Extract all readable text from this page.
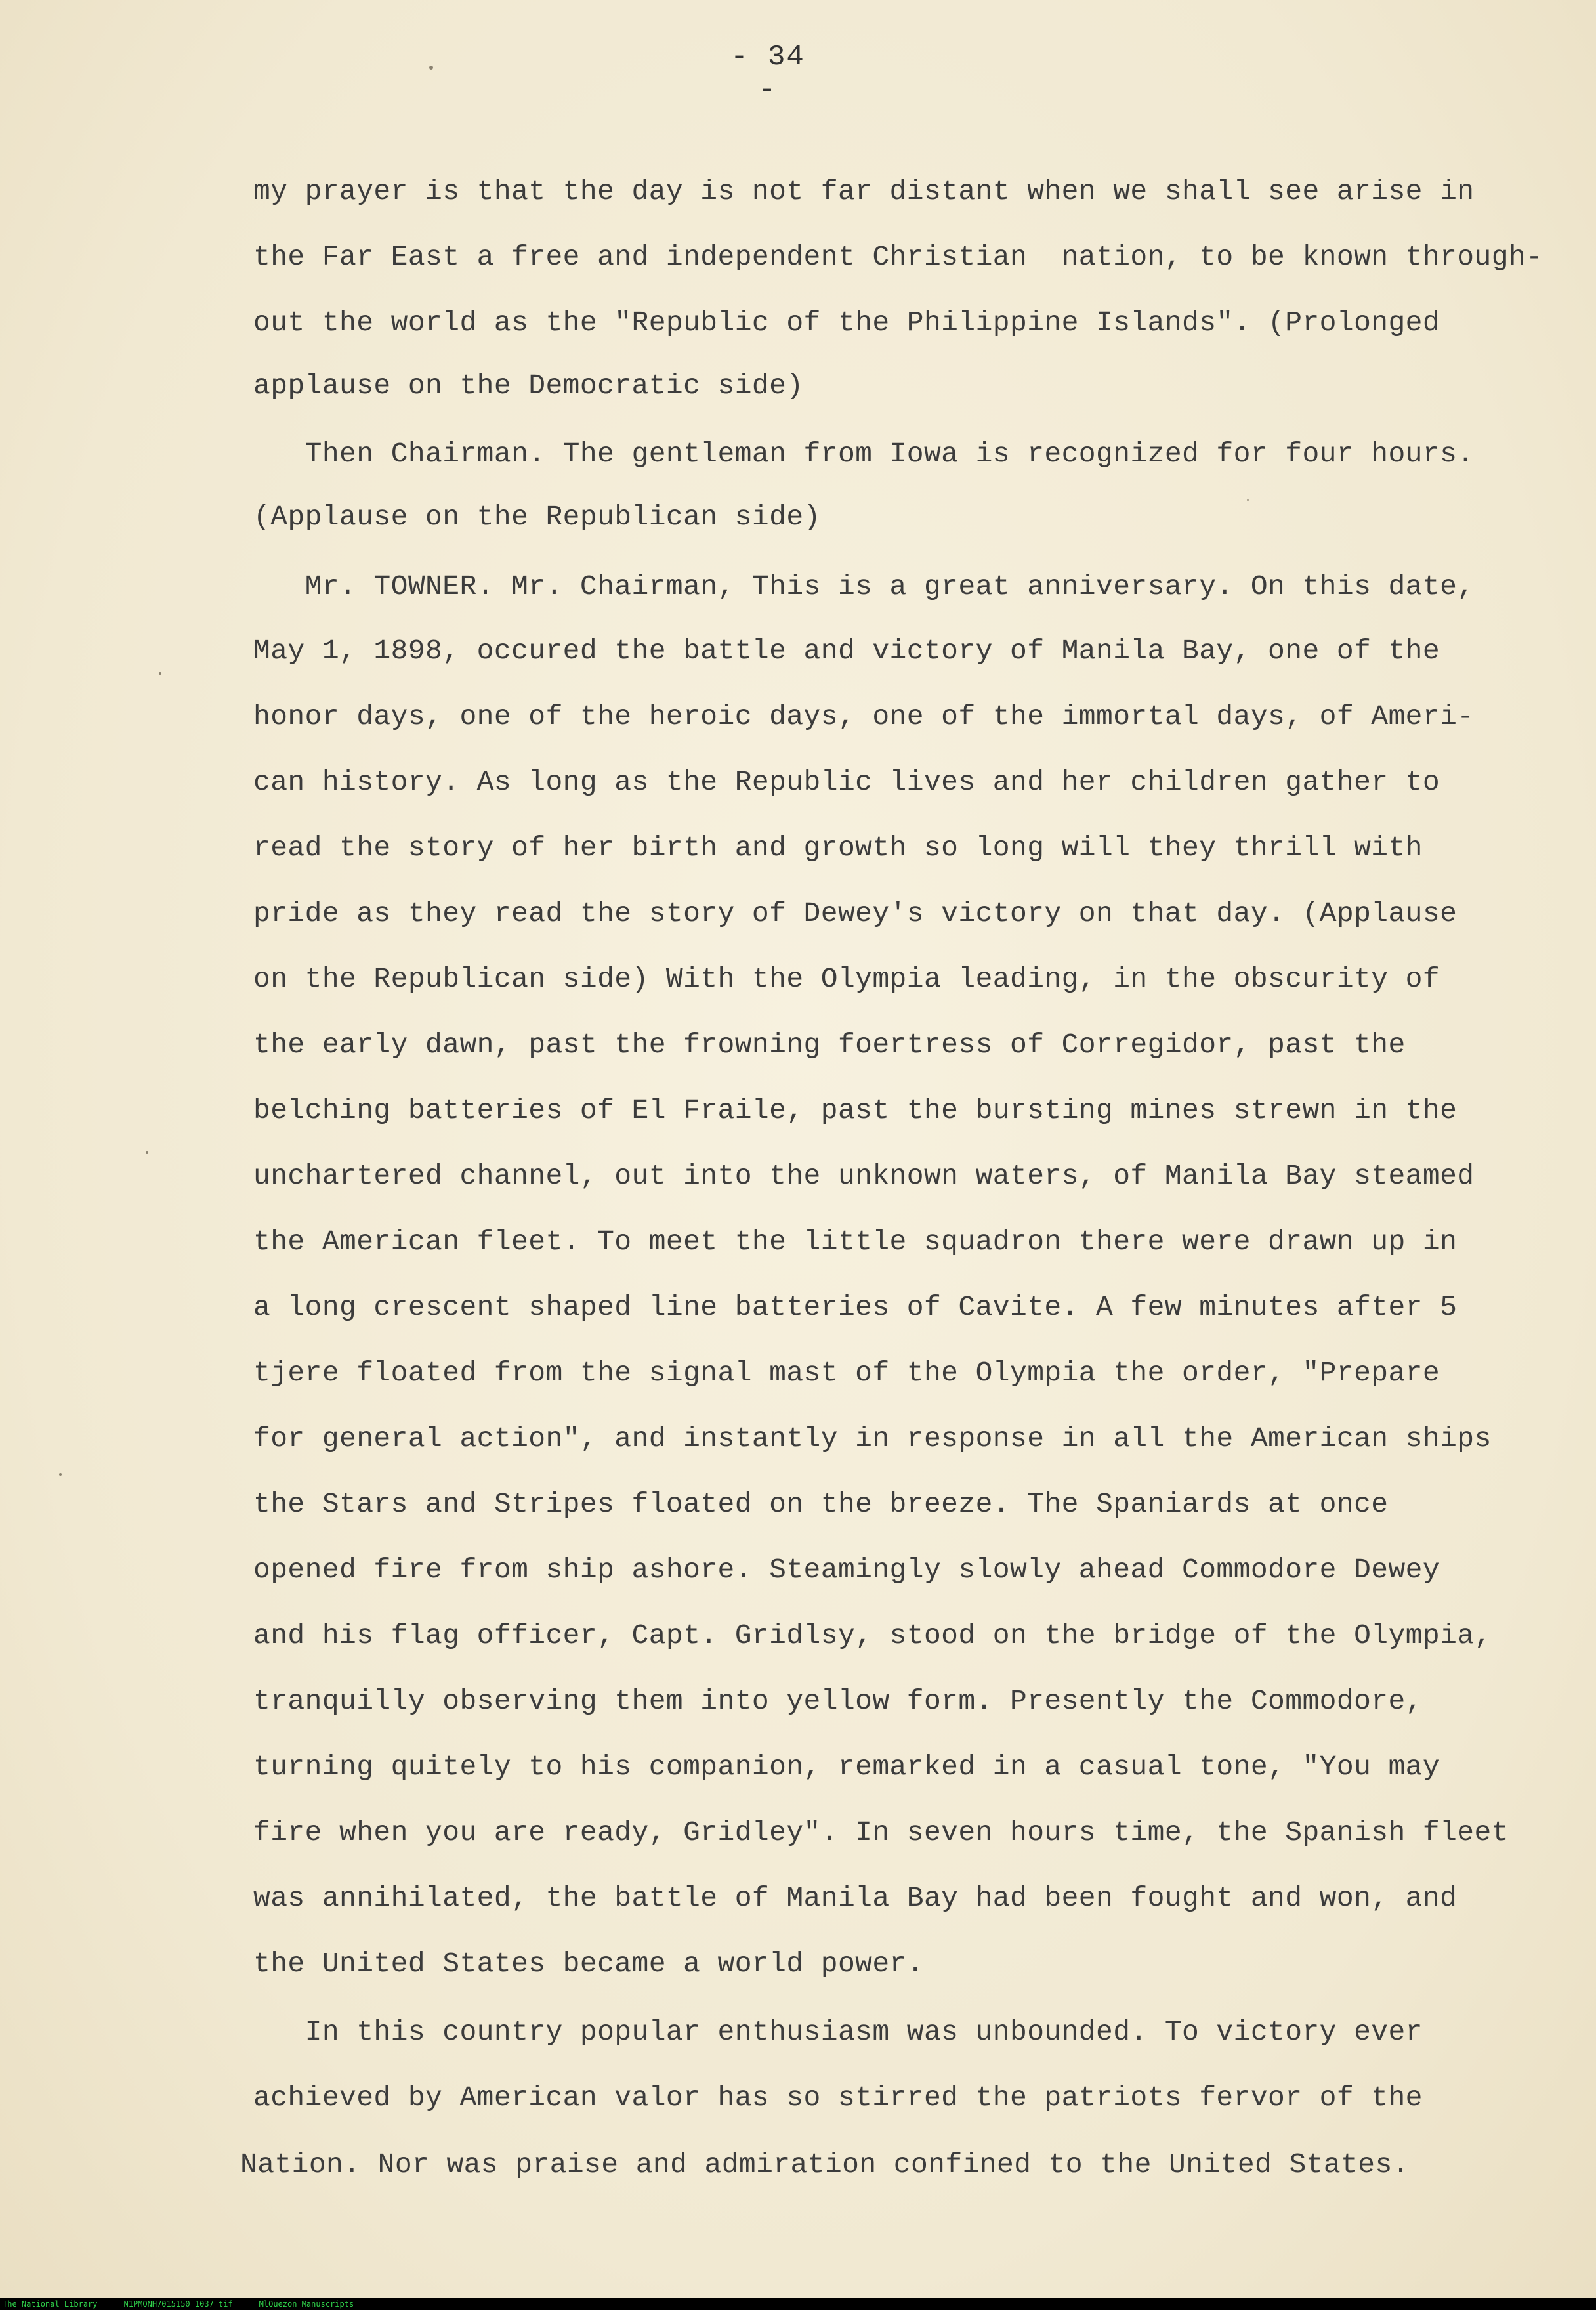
- 34 -
my prayer is that the day is not far distant when we shall see arise in
the Far East a free and independent Christian  nation, to be known through-
out the world as the "Republic of the Philippine Islands". (Prolonged
applause on the Democratic side)
Then Chairman. The gentleman from Iowa is recognized for four hours.
(Applause on the Republican side)
Mr. TOWNER. Mr. Chairman, This is a great anniversary. On this date,
May 1, 1898, occured the battle and victory of Manila Bay, one of the
honor days, one of the heroic days, one of the immortal days, of Ameri-
can history. As long as the Republic lives and her children gather to
read the story of her birth and growth so long will they thrill with
pride as they read the story of Dewey's victory on that day. (Applause
on the Republican side) With the Olympia leading, in the obscurity of
the early dawn, past the frowning foertress of Corregidor, past the
belching batteries of El Fraile, past the bursting mines strewn in the
unchartered channel, out into the unknown waters, of Manila Bay steamed
the American fleet. To meet the little squadron there were drawn up in
a long crescent shaped line batteries of Cavite. A few minutes after 5
tjere floated from the signal mast of the Olympia the order, "Prepare
for general action", and instantly in response in all the American ships
the Stars and Stripes floated on the breeze. The Spaniards at once
opened fire from ship ashore. Steamingly slowly ahead Commodore Dewey
and his flag officer, Capt. Gridlsy, stood on the bridge of the Olympia,
tranquilly observing them into yellow form. Presently the Commodore,
turning quitely to his companion, remarked in a casual tone, "You may
fire when you are ready, Gridley". In seven hours time, the Spanish fleet
was annihilated, the battle of Manila Bay had been fought and won, and
the United States became a world power.
In this country popular enthusiasm was unbounded. To victory ever
achieved by American valor has so stirred the patriots fervor of the
Nation. Nor was praise and admiration confined to the United States.
The National Library	N1PMQNH7015150 1037 tif	MlQuezon Manuscripts
